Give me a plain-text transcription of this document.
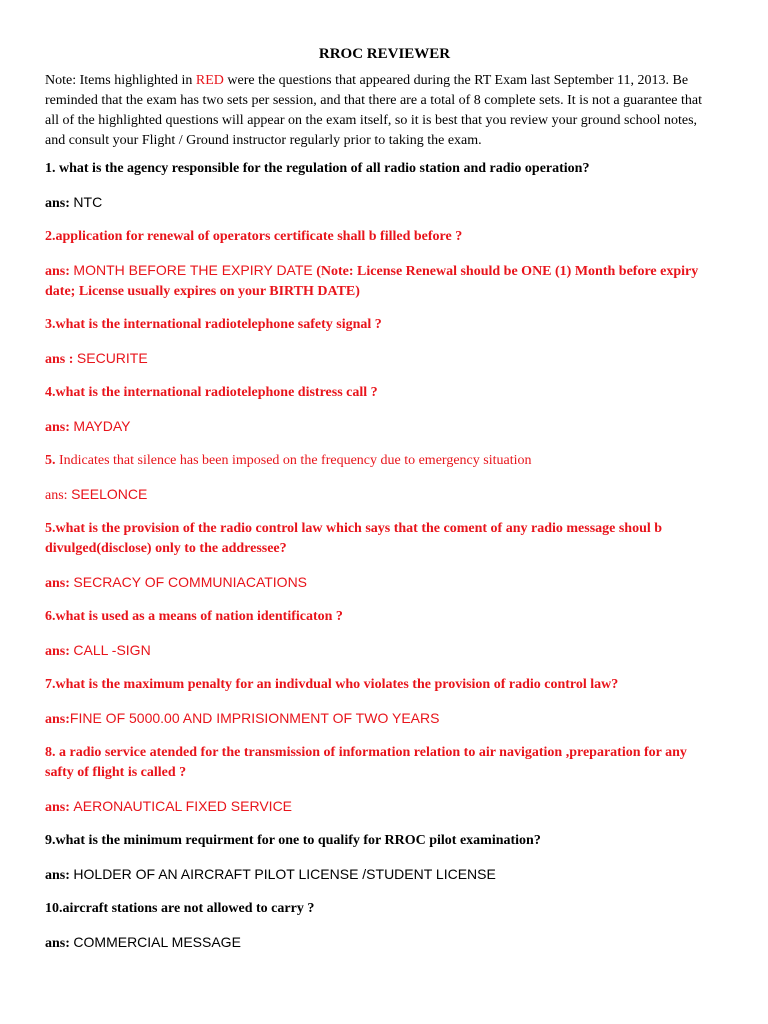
RROC REVIEWER
Note: Items highlighted in RED were the questions that appeared during the RT Exam last September 11, 2013. Be reminded that the exam has two sets per session, and that there are a total of 8 complete sets. It is not a guarantee that all of the highlighted questions will appear on the exam itself, so it is best that you review your ground school notes, and consult your Flight / Ground instructor regularly prior to taking the exam.
1. what is the agency responsible for the regulation of all radio station and radio operation?
ans: NTC
2.application for renewal of operators certificate shall b filled before ?
ans: MONTH BEFORE THE EXPIRY DATE (Note: License Renewal should be ONE (1) Month before expiry date; License usually expires on your BIRTH DATE)
3.what is the international radiotelephone safety signal ?
ans : SECURITE
4.what is the international radiotelephone distress call ?
ans: MAYDAY
5. Indicates that silence has been imposed on the frequency due to emergency situation
ans: SEELONCE
5.what is the provision of the radio control law which says that the coment of any radio message shoul b divulged(disclose) only to the addressee?
ans: SECRACY OF COMMUNIACATIONS
6.what is used as a means of nation identificaton ?
ans: CALL -SIGN
7.what is the maximum penalty for an indivdual who violates the provision of radio control law?
ans:FINE OF 5000.00 AND IMPRISIONMENT OF TWO YEARS
8. a radio service atended for the transmission of information relation to air navigation ,preparation for any safty of flight is called ?
ans: AERONAUTICAL FIXED SERVICE
9.what is the minimum requirment for one to qualify for RROC pilot examination?
ans: HOLDER OF AN AIRCRAFT PILOT LICENSE /STUDENT LICENSE
10.aircraft stations are not allowed to carry ?
ans: COMMERCIAL MESSAGE
